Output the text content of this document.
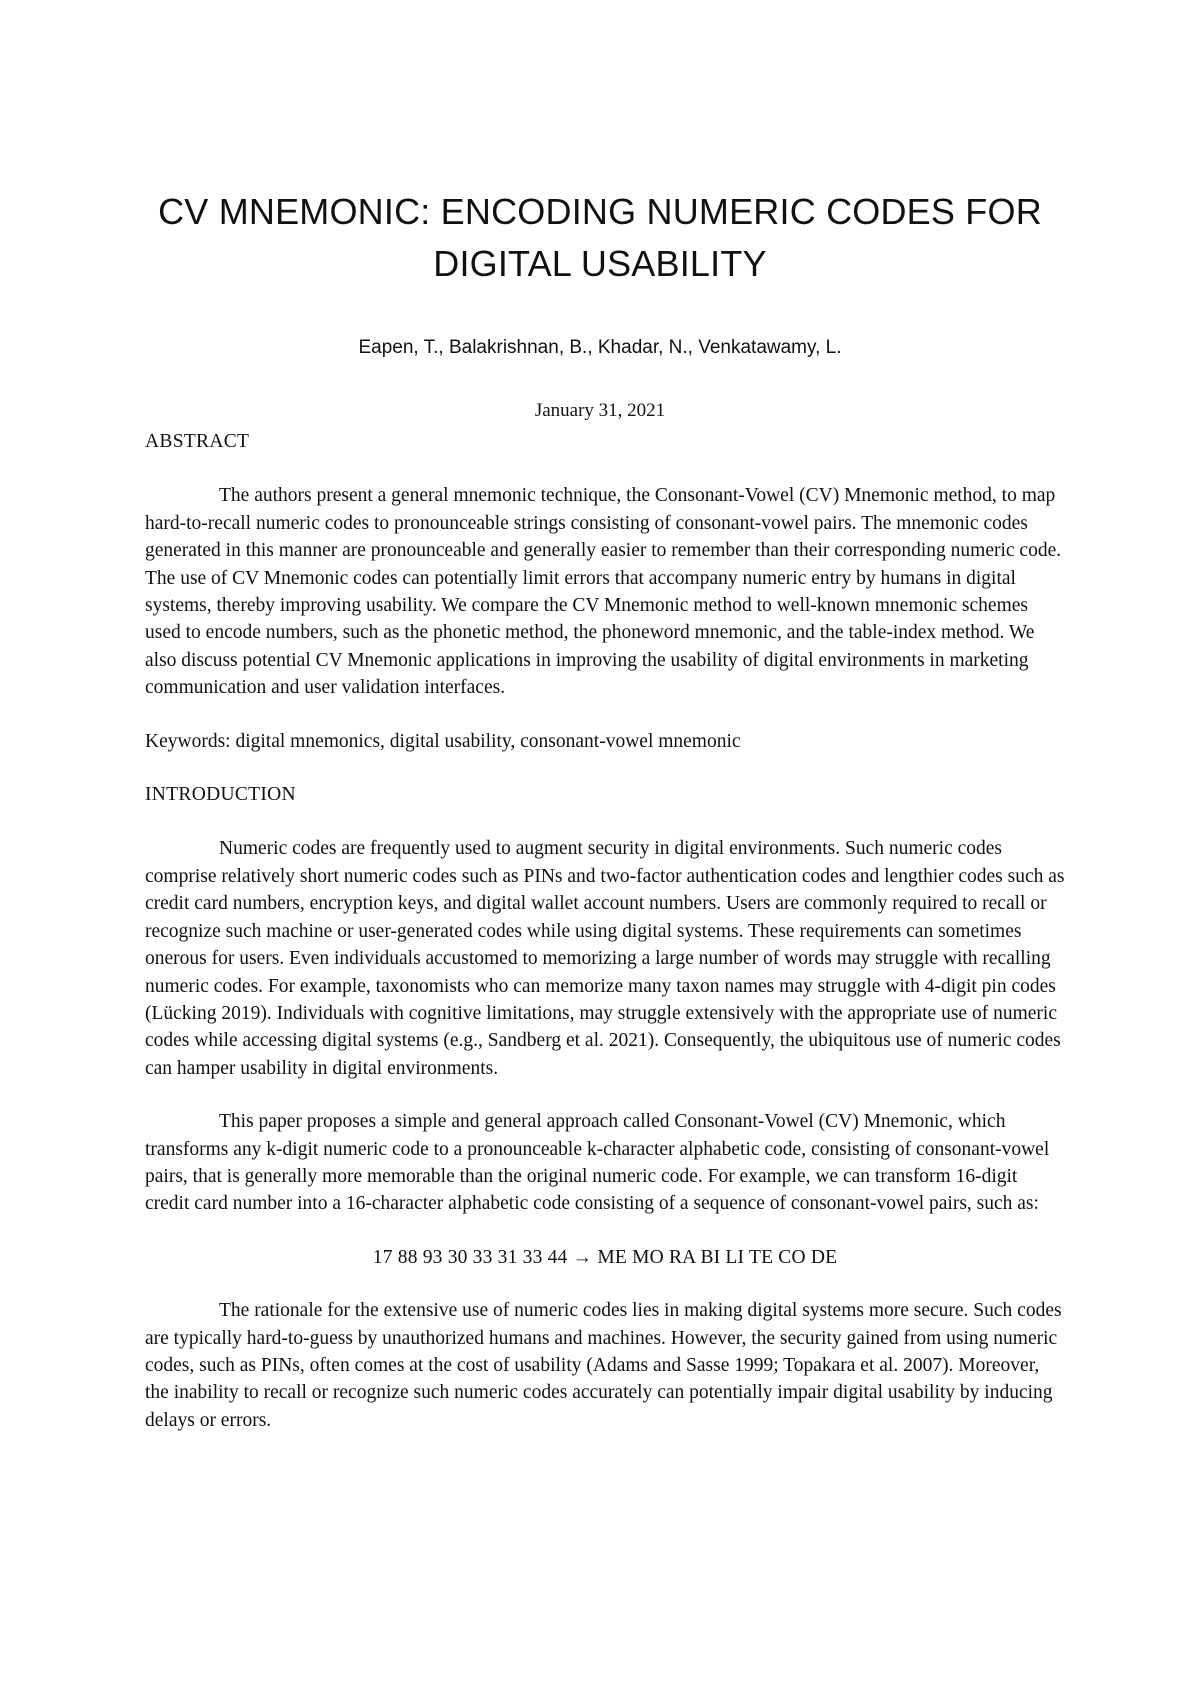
CV MNEMONIC: ENCODING NUMERIC CODES FOR DIGITAL USABILITY

Eapen, T., Balakrishnan, B., Khadar, N., Venkatawamy, L.

January 31, 2021

ABSTRACT

The authors present a general mnemonic technique, the Consonant-Vowel (CV) Mnemonic method, to map hard-to-recall numeric codes to pronounceable strings consisting of consonant-vowel pairs. The mnemonic codes generated in this manner are pronounceable and generally easier to remember than their corresponding numeric code. The use of CV Mnemonic codes can potentially limit errors that accompany numeric entry by humans in digital systems, thereby improving usability. We compare the CV Mnemonic method to well-known mnemonic schemes used to encode numbers, such as the phonetic method, the phoneword mnemonic, and the table-index method. We also discuss potential CV Mnemonic applications in improving the usability of digital environments in marketing communication and user validation interfaces.

Keywords: digital mnemonics, digital usability, consonant-vowel mnemonic

INTRODUCTION

Numeric codes are frequently used to augment security in digital environments. Such numeric codes comprise relatively short numeric codes such as PINs and two-factor authentication codes and lengthier codes such as credit card numbers, encryption keys, and digital wallet account numbers. Users are commonly required to recall or recognize such machine or user-generated codes while using digital systems. These requirements can sometimes onerous for users. Even individuals accustomed to memorizing a large number of words may struggle with recalling numeric codes. For example, taxonomists who can memorize many taxon names may struggle with 4-digit pin codes (Lücking 2019). Individuals with cognitive limitations, may struggle extensively with the appropriate use of numeric codes while accessing digital systems (e.g., Sandberg et al. 2021). Consequently, the ubiquitous use of numeric codes can hamper usability in digital environments.

This paper proposes a simple and general approach called Consonant-Vowel (CV) Mnemonic, which transforms any k-digit numeric code to a pronounceable k-character alphabetic code, consisting of consonant-vowel pairs, that is generally more memorable than the original numeric code. For example, we can transform 16-digit credit card number into a 16-character alphabetic code consisting of a sequence of consonant-vowel pairs, such as:

17 88 93 30 33 31 33 44 → ME MO RA BI LI TE CO DE

The rationale for the extensive use of numeric codes lies in making digital systems more secure. Such codes are typically hard-to-guess by unauthorized humans and machines. However, the security gained from using numeric codes, such as PINs, often comes at the cost of usability (Adams and Sasse 1999; Topakara et al. 2007). Moreover, the inability to recall or recognize such numeric codes accurately can potentially impair digital usability by inducing delays or errors.
